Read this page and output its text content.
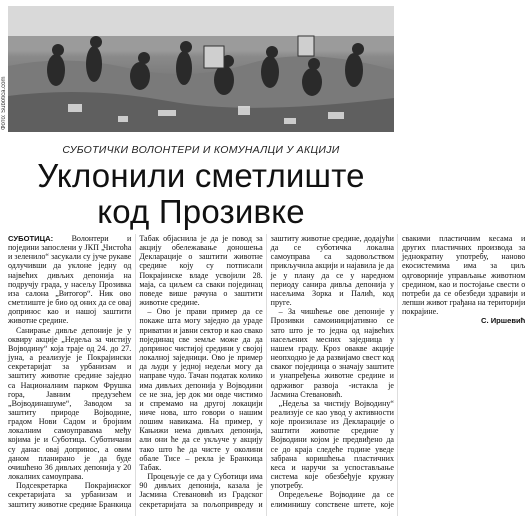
Фото: Subotica.com
СУБОТИЧКИ ВОЛОНТЕРИ И КОМУНАЛЦИ У АКЦИЈИ
Уклонили сметлиште
код Прозивке

СУБОТИЦА: Волонтери и поједини запослени у ЈКП „Чистоћа и зеленило“ засукали су јуче рукаве одлучивши да уклоне једну од највећих дивљих депонија на подручју града, у насељу Прозивка иза салона „Витогор“. Ник ово сметлиште је био од оних да се овај допринос као и нашој заштити животне средине.

Санирање дивље депоније је у оквиру акције „Недеља за чистију Војводину“ која траје од 24. до 27. јуна, а реализује је Покрајински секретаријат за урбанизам и заштиту животне средине заједно са Националним парком Фрушка гора, Јавним предузећем „Војводинашуме“, Заводом за заштиту природе Војводине, градом Нови Садом и бројним локалним самоуправама међу којима је и Суботица. Суботичани су данас овај допринос, а овим даном планирано је да буде очишћено 36 дивљих депонија у 20 локалних самоуправа.

Подсекретарка Покрајинског секретаријата за урбанизам и заштиту животне средине Бранкица Табак објаснила је да је повод за акцију обележавање доношења Декларације о заштити животне средине коју су потписали Покрајинске владе усвојили 28. маја, са циљем са сваки појединац поведе више рачуна о заштити животне средине.

– Ово је прави пример да се покаже шта могу заједно да ураде приватни и јавни сектор и као свако појединац све земље може да да допринос чистијој средини у својој локалној заједници. Ово је пример да људи у једној недељи могу да направе чудо. Тачан податак колико има дивљих депонија у Војводини се не зна, јер док ми овде чистимо и спремамо на другој локацији ниче нова, што говори о нашим лошим навикама. На пример, у Кањижи нема дивљих депонија, али они ће да се укључе у акцију тако што ће да чисте у околини обале Тисе – рекла је Бранкица Табак.

Процењује се да у Суботици има 90 дивљих депонија, казала је Јасмина Стевановић из Градског секретаријата за пољопривреду и заштиту животне средине, додајући да се суботичка локална самоуправа са задовољством прикључила акцији и најавила је да је у плану да се у наредном периоду санира дивља депонија у насељима Зорка и Палић, код пруге.

– За чишћење ове депоније у Прозивки самоиницијативно се зато што је то једна од највећих насељених месних заједница у нашем граду. Кроз овакве акције неопходно је да развијамо свест код сваког појединца о значају заштите и унапређења животне средине и одрживог развоја -истакла је Јасмина Стевановић.

„Недеља за чистију Војводину“ реализује се као увод у активности које произилазе из Декларације о заштити животне средине у Војводини којом је предвиђено да се до краја следеће године уведе забрана коришћења пластичних кеса и наручи за успостављање система које обезбеђује кружну употребу.

Опредељење Војводине да се елиминишу сопствене штете, које свакими пластичним кесама и других пластичних производа за једнократну употребу, наново екосистемима има за циљ одговорније управљање животном средином, као и постојање свести о потреби да се обезбеди здравији и лепши живот грађана на територији покрајине.

С. Иршевић
